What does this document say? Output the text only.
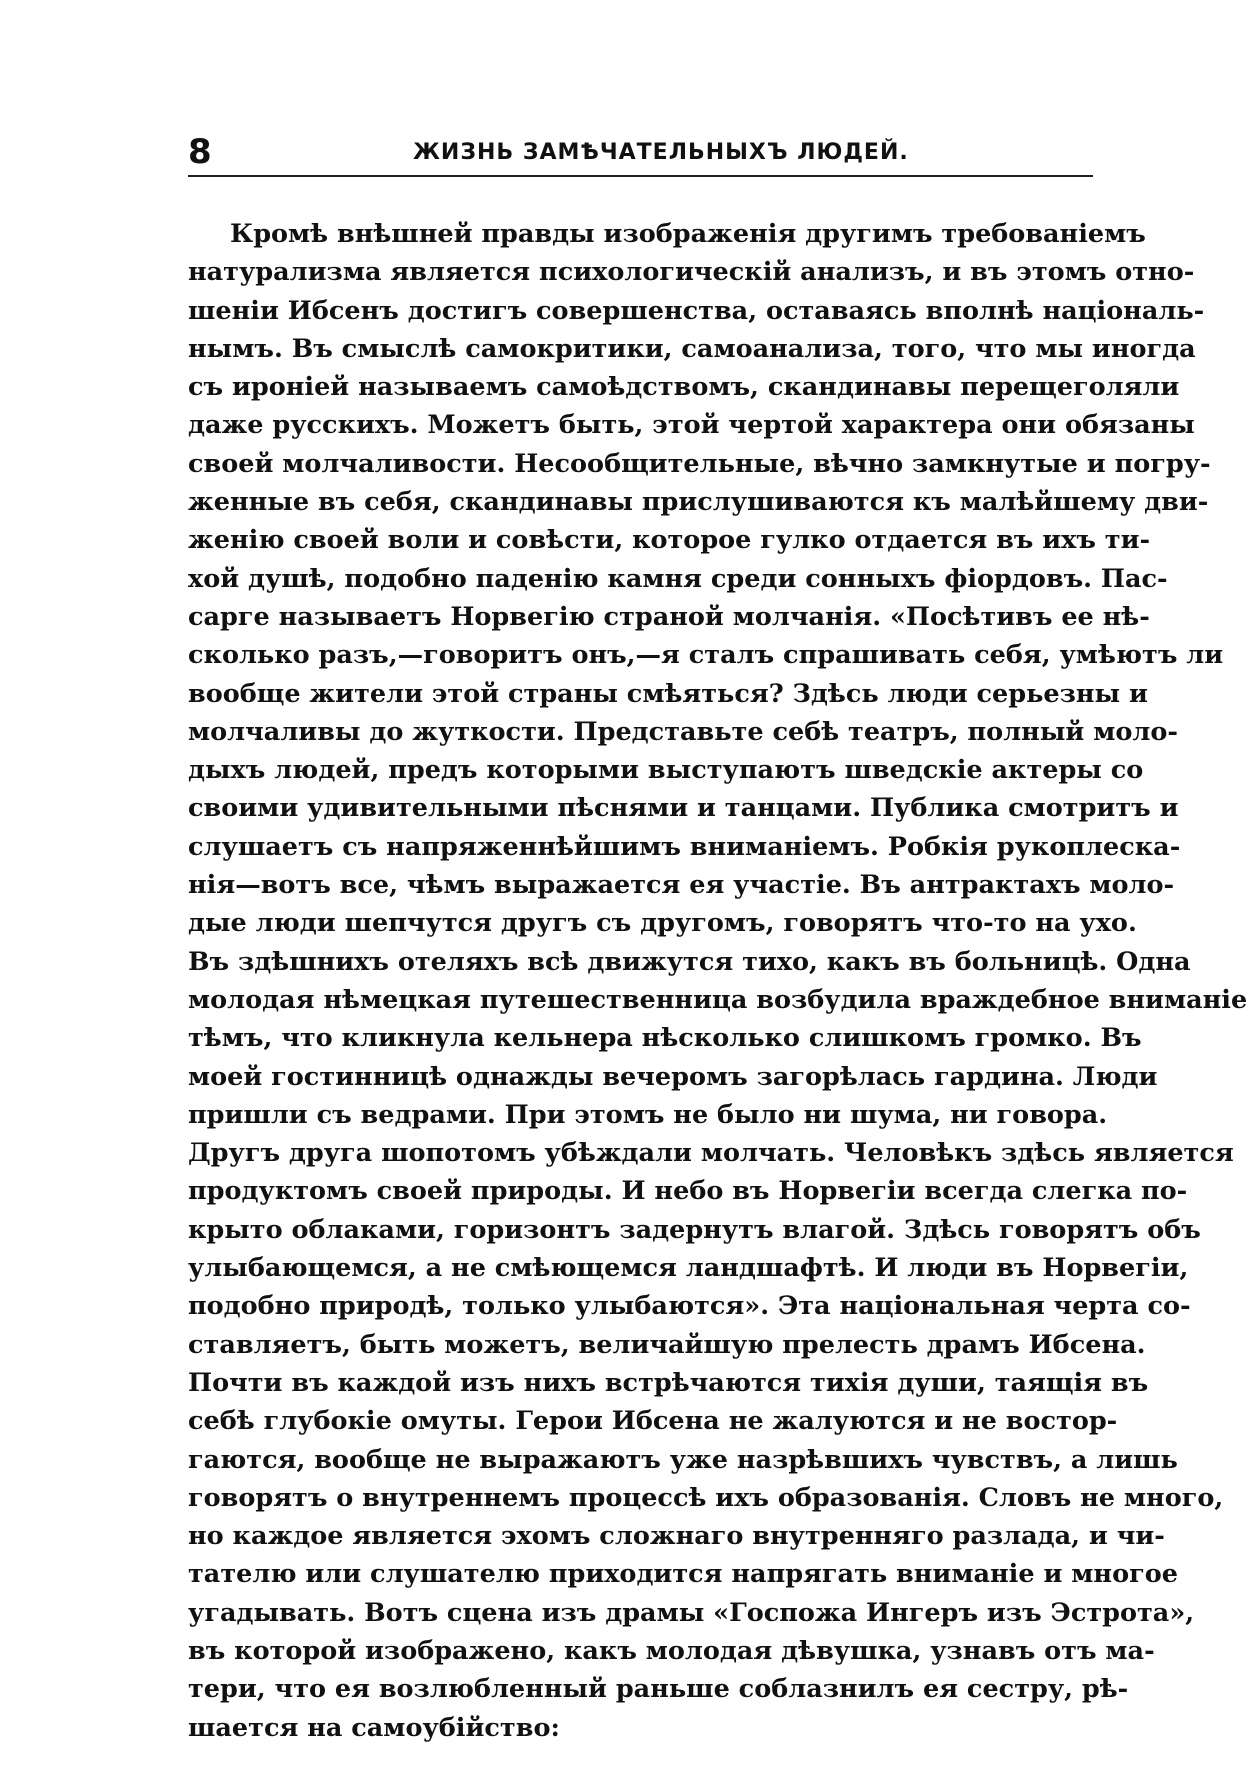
8	ЖИЗНЬ ЗАМѢЧАТЕЛЬНЫХЪ ЛЮДЕЙ.
Кромѣ внѣшней правды изображенія другимъ требованіемъ
натурализма является психологическій анализъ, и въ этомъ отно-
шеніи Ибсенъ достигъ совершенства, оставаясь вполнѣ національ-
нымъ. Въ смыслѣ самокритики, самоанализа, того, что мы иногда
съ ироніей называемъ самоѣдствомъ, скандинавы перещеголяли
даже русскихъ. Можетъ быть, этой чертой характера они обязаны
своей молчаливости. Несообщительные, вѣчно замкнутые и погру-
женные въ себя, скандинавы прислушиваются къ малѣйшему дви-
женію своей воли и совѣсти, которое гулко отдается въ ихъ ти-
хой душѣ, подобно паденію камня среди сонныхъ фіордовъ. Пас-
сарге называетъ Норвегію страной молчанія. «Посѣтивъ ее нѣ-
сколько разъ,—говоритъ онъ,—я сталъ спрашивать себя, умѣютъ ли
вообще жители этой страны смѣяться? Здѣсь люди серьезны и
молчаливы до жуткости. Представьте себѣ театръ, полный моло-
дыхъ людей, предъ которыми выступаютъ шведскіе актеры со
своими удивительными пѣснями и танцами. Публика смотритъ и
слушаетъ съ напряженнѣйшимъ вниманіемъ. Робкія рукоплеска-
нія—вотъ все, чѣмъ выражается ея участіе. Въ антрактахъ моло-
дые люди шепчутся другъ съ другомъ, говорятъ что-то на ухо.
Въ здѣшнихъ отеляхъ всѣ движутся тихо, какъ въ больницѣ. Одна
молодая нѣмецкая путешественница возбудила враждебное вниманіе
тѣмъ, что кликнула кельнера нѣсколько слишкомъ громко. Въ
моей гостинницѣ однажды вечеромъ загорѣлась гардина. Люди
пришли съ ведрами. При этомъ не было ни шума, ни говора.
Другъ друга шопотомъ убѣждали молчать. Человѣкъ здѣсь является
продуктомъ своей природы. И небо въ Норвегіи всегда слегка по-
крыто облаками, горизонтъ задернутъ влагой. Здѣсь говорятъ объ
улыбающемся, а не смѣющемся ландшафтѣ. И люди въ Норвегіи,
подобно природѣ, только улыбаются». Эта національная черта со-
ставляетъ, быть можетъ, величайшую прелесть драмъ Ибсена.
Почти въ каждой изъ нихъ встрѣчаются тихія души, таящія въ
себѣ глубокіе омуты. Герои Ибсена не жалуются и не востор-
гаются, вообще не выражаютъ уже назрѣвшихъ чувствъ, а лишь
говорятъ о внутреннемъ процессѣ ихъ образованія. Словъ не много,
но каждое является эхомъ сложнаго внутренняго разлада, и чи-
тателю или слушателю приходится напрягать вниманіе и многое
угадывать. Вотъ сцена изъ драмы «Госпожа Ингеръ изъ Эстрота»,
въ которой изображено, какъ молодая дѣвушка, узнавъ отъ ма-
тери, что ея возлюбленный раньше соблазнилъ ея сестру, рѣ-
шается на самоубійство:
